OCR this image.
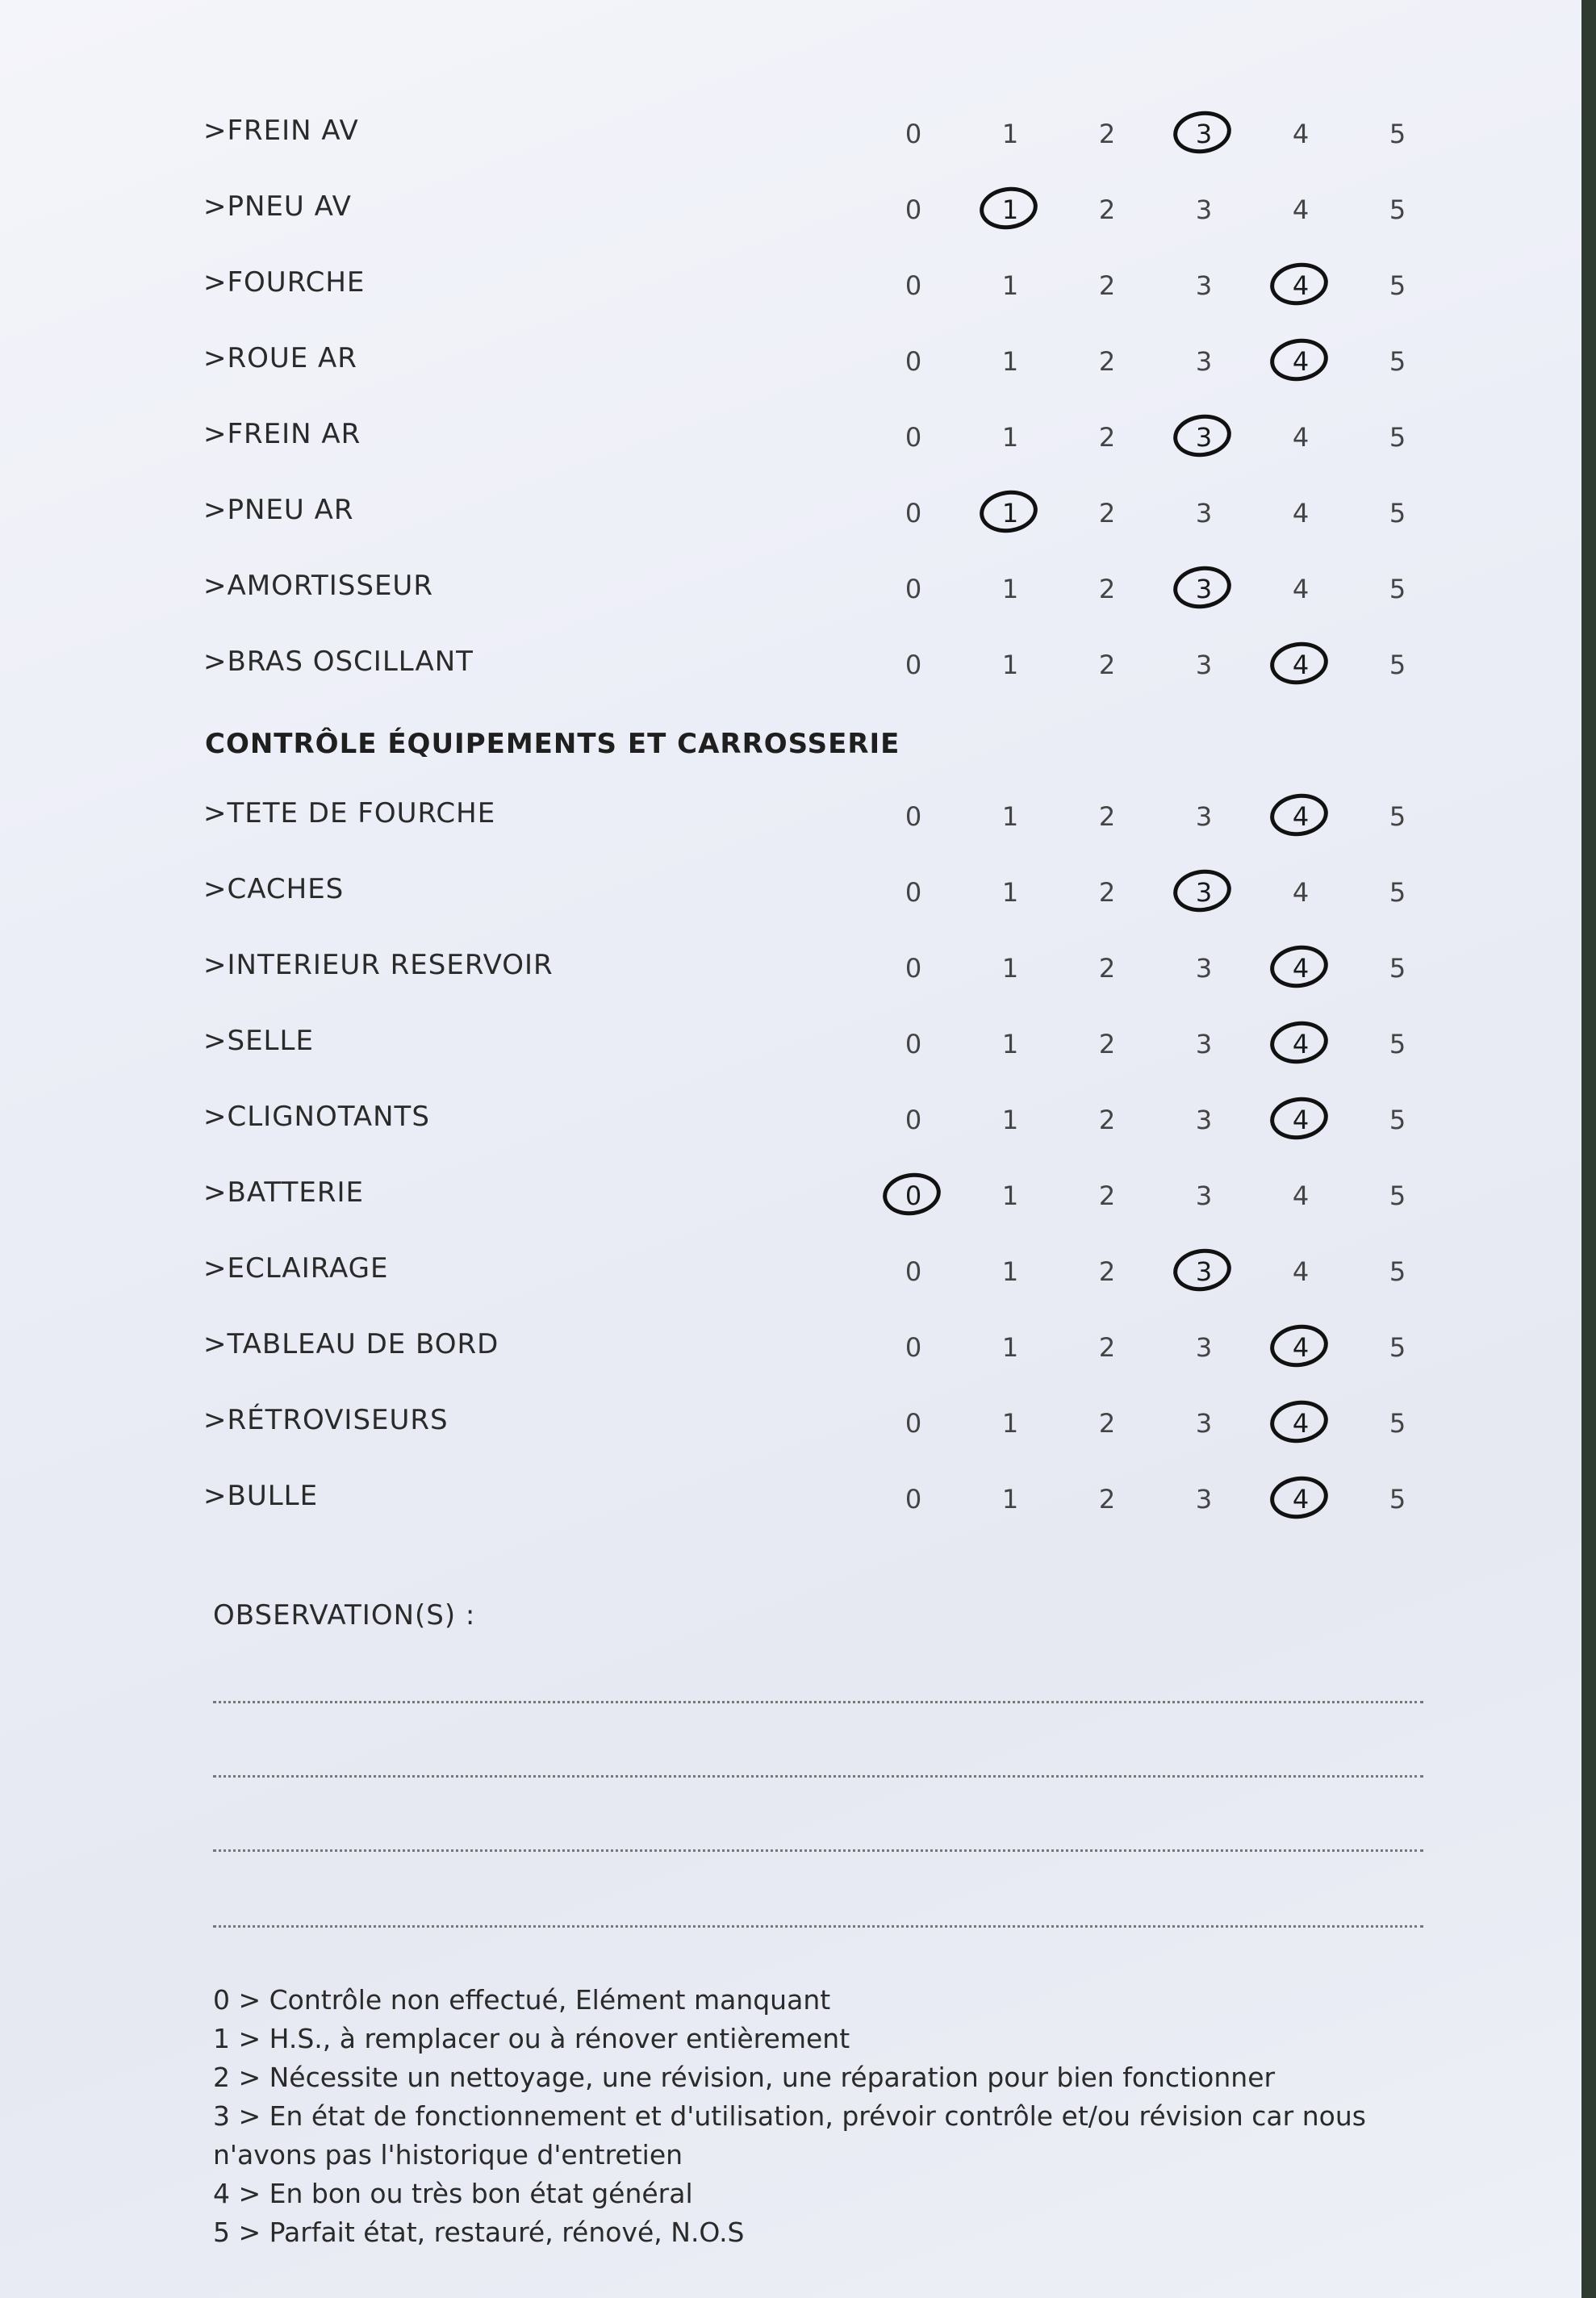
>FREIN AV	0	1	2	3	4	5
>PNEU AV	0	1	2	3	4	5
>FOURCHE	0	1	2	3	4	5
>ROUE AR	0	1	2	3	4	5
>FREIN AR	0	1	2	3	4	5
>PNEU AR	0	1	2	3	4	5
>AMORTISSEUR	0	1	2	3	4	5
>BRAS OSCILLANT	0	1	2	3	4	5
CONTRÔLE ÉQUIPEMENTS ET CARROSSERIE
>TETE DE FOURCHE	0	1	2	3	4	5
>CACHES	0	1	2	3	4	5
>INTERIEUR RESERVOIR	0	1	2	3	4	5
>SELLE	0	1	2	3	4	5
>CLIGNOTANTS	0	1	2	3	4	5
>BATTERIE	0	1	2	3	4	5
>ECLAIRAGE	0	1	2	3	4	5
>TABLEAU DE BORD	0	1	2	3	4	5
>RÉTROVISEURS	0	1	2	3	4	5
>BULLE	0	1	2	3	4	5
OBSERVATION(S) :
0 > Contrôle non effectué, Elément manquant
1 > H.S., à remplacer ou à rénover entièrement
2 > Nécessite un nettoyage, une révision, une réparation pour bien fonctionner
3 > En état de fonctionnement et d'utilisation, prévoir contrôle et/ou révision car nous
n'avons pas l'historique d'entretien
4 > En bon ou très bon état général
5 > Parfait état, restauré, rénové, N.O.S
